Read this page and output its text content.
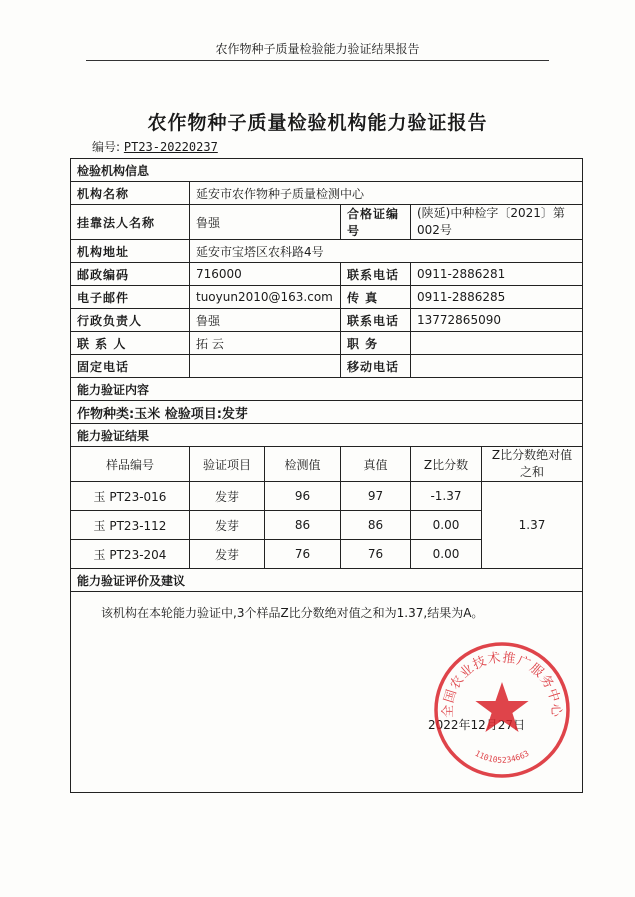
农作物种子质量检验能力验证结果报告
农作物种子质量检验机构能力验证报告
编号: PT23-20220237
检验机构信息					
机构名称	延安市农作物种子质量检测中心				
挂靠法人名称	鲁强		合格证编号	(陕延)中种检字〔2021〕第002号	
机构地址	延安市宝塔区农科路4号				
邮政编码	716000		联系电话	0911-2886281	
电子邮件	tuoyun2010@163.com		传 真	0911-2886285	
行政负责人	鲁强		联系电话	13772865090	
联 系 人	拓 云		职 务		
固定电话			移动电话		
能力验证内容					
作物种类:玉米 检验项目:发芽					
能力验证结果					
样品编号	验证项目	检测值	真值	Z比分数	Z比分数绝对值之和
玉 PT23-016	发芽	96	97	-1.37	1.37
玉 PT23-112	发芽	86	86	0.00	
玉 PT23-204	发芽	76	76	0.00	
能力验证评价及建议					

该机构在本轮能力验证中,3个样品Z比分数绝对值之和为1.37,结果为A。					
2022年12月27日
全国农业技术推广服务中心
110105234663
